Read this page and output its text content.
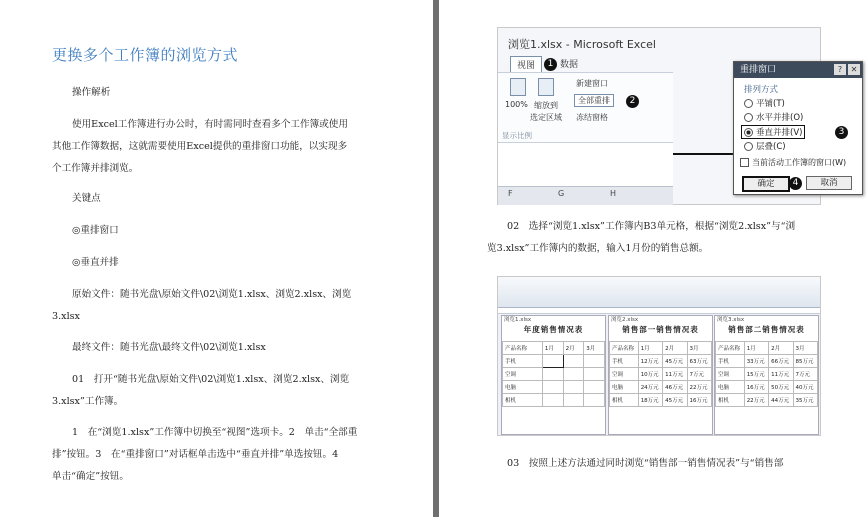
更换多个工作簿的浏览方式
操作解析
使用Excel工作簿进行办公时，有时需同时查看多个工作簿或使用
其他工作簿数据，这就需要使用Excel提供的重排窗口功能，以实现多
个工作簿并排浏览。
关键点
◎重排窗口
◎垂直并排
原始文件：随书光盘\原始文件\02\浏览1.xlsx、浏览2.xlsx、浏览
3.xlsx
最终文件：随书光盘\最终文件\02\浏览1.xlsx
01　打开“随书光盘\原始文件\02\浏览1.xlsx、浏览2.xlsx、浏览
3.xlsx”工作簿。
1　在“浏览1.xlsx”工作簿中切换至“视图”选项卡。2　单击“全部重
排”按钮。3　在“重排窗口”对话框单击选中“垂直并排”单选按钮。4
单击“确定”按钮。
浏览1.xlsx - Microsoft Excel
视图	1 数据
100% 缩放到
选定区域
新建窗口
全部重排	2
冻结窗格
显示比例
F	G	H
重排窗口	?	✕
排列方式
平铺(T)
水平并排(O)
垂直并排(V)	3
层叠(C)
当前活动工作簿的窗口(W)
确定	4	取消
02　选择“浏览1.xlsx”工作簿内B3单元格，根据“浏览2.xlsx”与“浏
览3.xlsx”工作簿内的数据，输入1月份的销售总额。
浏览1.xlsx
年度销售情况表
产品名称	1月	2月	3月
手机			
空调			
电脑			
相机			
浏览2.xlsx
销售部一销售情况表
产品名称	1月	2月	3月
手机	12万元	45万元	63万元
空调	10万元	11万元	7万元
电脑	24万元	46万元	22万元
相机	18万元	45万元	16万元
浏览3.xlsx
销售部二销售情况表
产品名称	1月	2月	3月
手机	33万元	66万元	85万元
空调	15万元	11万元	7万元
电脑	16万元	50万元	40万元
相机	22万元	44万元	35万元
03　按照上述方法通过同时浏览“销售部一销售情况表”与“销售部
